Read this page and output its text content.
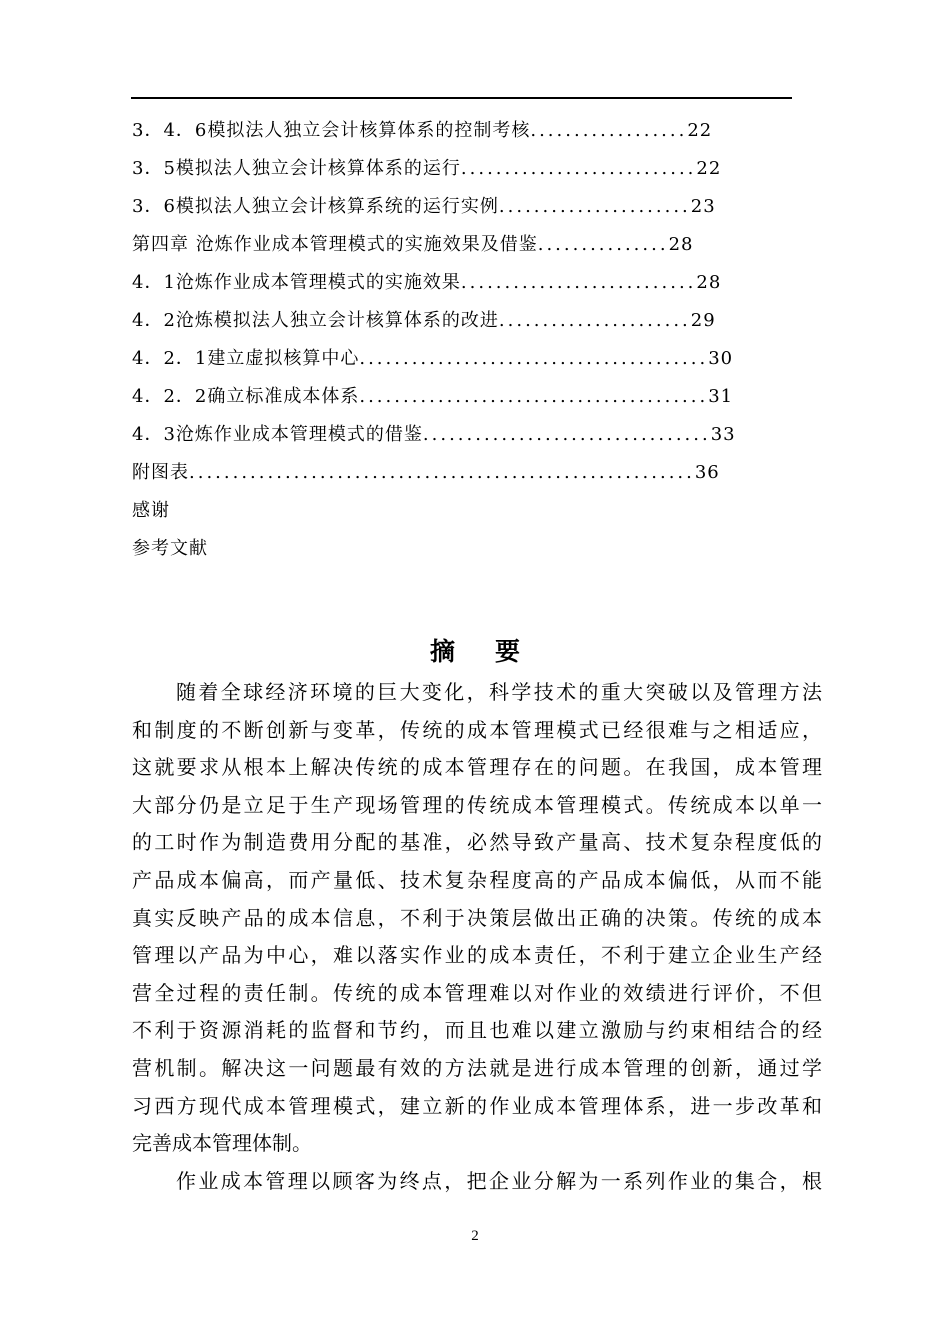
3．4．6模拟法人独立会计核算体系的控制考核..................22
3．5模拟法人独立会计核算体系的运行...........................22
3．6模拟法人独立会计核算系统的运行实例......................23
第四章 沧炼作业成本管理模式的实施效果及借鉴...............28
4．1沧炼作业成本管理模式的实施效果...........................28
4．2沧炼模拟法人独立会计核算体系的改进......................29
4．2．1建立虚拟核算中心........................................30
4．2．2确立标准成本体系........................................31
4．3沧炼作业成本管理模式的借鉴.................................33
附图表..........................................................36
感谢
参考文献
摘要
随着全球经济环境的巨大变化，科学技术的重大突破以及管理方法
和制度的不断创新与变革，传统的成本管理模式已经很难与之相适应，
这就要求从根本上解决传统的成本管理存在的问题。在我国，成本管理
大部分仍是立足于生产现场管理的传统成本管理模式。传统成本以单一
的工时作为制造费用分配的基准，必然导致产量高、技术复杂程度低的
产品成本偏高，而产量低、技术复杂程度高的产品成本偏低，从而不能
真实反映产品的成本信息，不利于决策层做出正确的决策。传统的成本
管理以产品为中心，难以落实作业的成本责任，不利于建立企业生产经
营全过程的责任制。传统的成本管理难以对作业的效绩进行评价，不但
不利于资源消耗的监督和节约，而且也难以建立激励与约束相结合的经
营机制。解决这一问题最有效的方法就是进行成本管理的创新，通过学
习西方现代成本管理模式，建立新的作业成本管理体系，进一步改革和
完善成本管理体制。
作业成本管理以顾客为终点，把企业分解为一系列作业的集合，根
2
